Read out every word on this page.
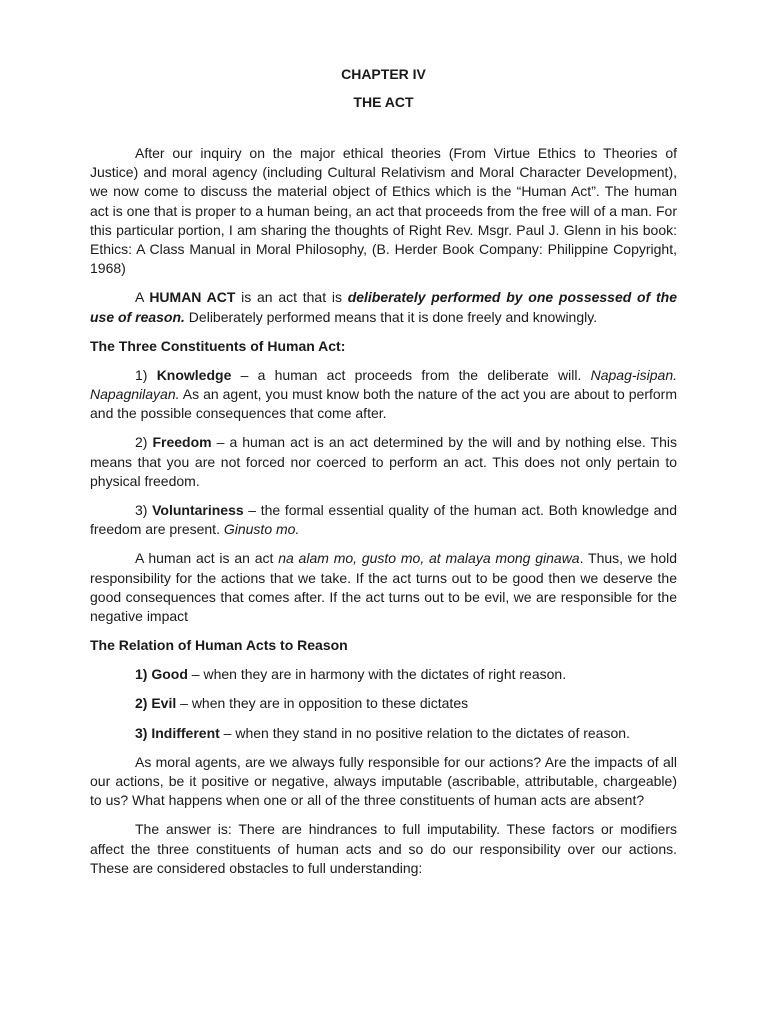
CHAPTER IV
THE ACT

After our inquiry on the major ethical theories (From Virtue Ethics to Theories of Justice) and moral agency (including Cultural Relativism and Moral Character Development), we now come to discuss the material object of Ethics which is the “Human Act”. The human act is one that is proper to a human being, an act that proceeds from the free will of a man. For this particular portion, I am sharing the thoughts of Right Rev. Msgr. Paul J. Glenn in his book: Ethics: A Class Manual in Moral Philosophy, (B. Herder Book Company: Philippine Copyright, 1968)

A HUMAN ACT is an act that is deliberately performed by one possessed of the use of reason. Deliberately performed means that it is done freely and knowingly.

The Three Constituents of Human Act:

1) Knowledge – a human act proceeds from the deliberate will. Napag-isipan. Napagnilayan. As an agent, you must know both the nature of the act you are about to perform and the possible consequences that come after.

2) Freedom – a human act is an act determined by the will and by nothing else. This means that you are not forced nor coerced to perform an act. This does not only pertain to physical freedom.

3) Voluntariness – the formal essential quality of the human act. Both knowledge and freedom are present. Ginusto mo.

A human act is an act na alam mo, gusto mo, at malaya mong ginawa. Thus, we hold responsibility for the actions that we take. If the act turns out to be good then we deserve the good consequences that comes after. If the act turns out to be evil, we are responsible for the negative impact

The Relation of Human Acts to Reason

1) Good – when they are in harmony with the dictates of right reason.

2) Evil – when they are in opposition to these dictates

3) Indifferent – when they stand in no positive relation to the dictates of reason.

As moral agents, are we always fully responsible for our actions? Are the impacts of all our actions, be it positive or negative, always imputable (ascribable, attributable, chargeable) to us? What happens when one or all of the three constituents of human acts are absent?

The answer is: There are hindrances to full imputability. These factors or modifiers affect the three constituents of human acts and so do our responsibility over our actions. These are considered obstacles to full understanding:
